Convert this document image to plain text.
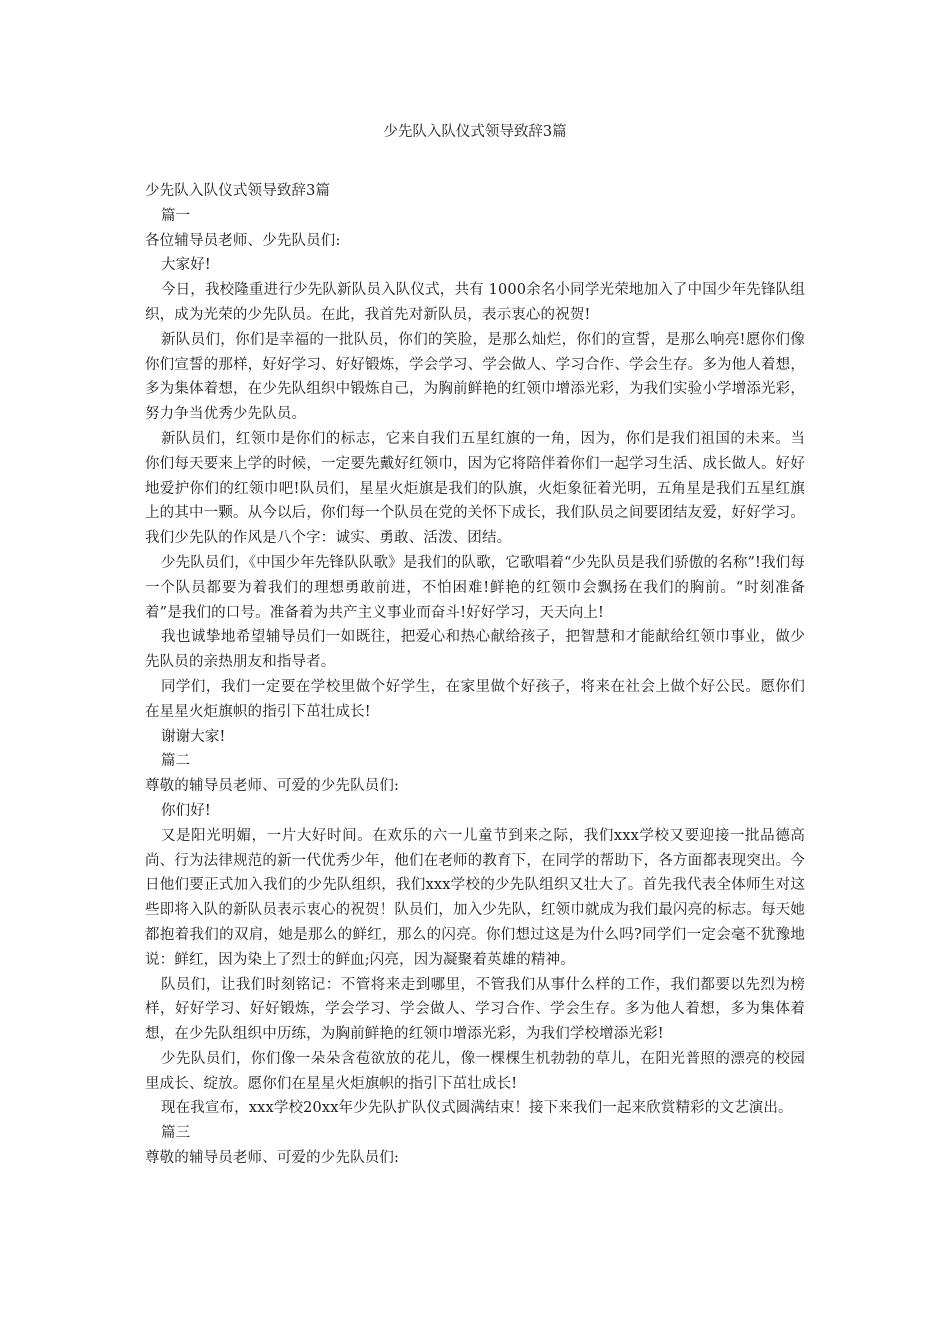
少先队入队仪式领导致辞3篇

少先队入队仪式领导致辞3篇

篇一

各位辅导员老师、少先队员们:

大家好!

今日，我校隆重进行少先队新队员入队仪式，共有 1000余名小同学光荣地加入了中国少年先锋队组织，成为光荣的少先队员。在此，我首先对新队员，表示衷心的祝贺!

新队员们，你们是幸福的一批队员，你们的笑脸，是那么灿烂，你们的宣誓，是那么响亮!愿你们像你们宣誓的那样，好好学习、好好锻炼，学会学习、学会做人、学习合作、学会生存。多为他人着想，多为集体着想，在少先队组织中锻炼自己，为胸前鲜艳的红领巾增添光彩，为我们实验小学增添光彩，努力争当优秀少先队员。

新队员们，红领巾是你们的标志，它来自我们五星红旗的一角，因为，你们是我们祖国的未来。当你们每天要来上学的时候，一定要先戴好红领巾，因为它将陪伴着你们一起学习生活、成长做人。好好地爱护你们的红领巾吧!队员们，星星火炬旗是我们的队旗，火炬象征着光明，五角星是我们五星红旗上的其中一颗。从今以后，你们每一个队员在党的关怀下成长，我们队员之间要团结友爱，好好学习。我们少先队的作风是八个字：诚实、勇敢、活泼、团结。

少先队员们，《中国少年先锋队队歌》是我们的队歌，它歌唱着“少先队员是我们骄傲的名称”!我们每一个队员都要为着我们的理想勇敢前进，不怕困难!鲜艳的红领巾会飘扬在我们的胸前。“时刻准备着”是我们的口号。准备着为共产主义事业而奋斗!好好学习，天天向上!

我也诚挚地希望辅导员们一如既往，把爱心和热心献给孩子，把智慧和才能献给红领巾事业，做少先队员的亲热朋友和指导者。

同学们，我们一定要在学校里做个好学生，在家里做个好孩子，将来在社会上做个好公民。愿你们在星星火炬旗帜的指引下茁壮成长!

谢谢大家!

篇二

尊敬的辅导员老师、可爱的少先队员们:

你们好!

又是阳光明媚，一片大好时间。在欢乐的六一儿童节到来之际，我们xxx学校又要迎接一批品德高尚、行为法律规范的新一代优秀少年，他们在老师的教育下，在同学的帮助下，各方面都表现突出。今日他们要正式加入我们的少先队组织，我们xxx学校的少先队组织又壮大了。首先我代表全体师生对这些即将入队的新队员表示衷心的祝贺！队员们，加入少先队，红领巾就成为我们最闪亮的标志。每天她都抱着我们的双肩，她是那么的鲜红，那么的闪亮。你们想过这是为什么吗?同学们一定会毫不犹豫地说：鲜红，因为染上了烈士的鲜血;闪亮，因为凝聚着英雄的精神。

队员们，让我们时刻铭记：不管将来走到哪里，不管我们从事什么样的工作，我们都要以先烈为榜样，好好学习、好好锻炼，学会学习、学会做人、学习合作、学会生存。多为他人着想，多为集体着想，在少先队组织中历练，为胸前鲜艳的红领巾增添光彩，为我们学校增添光彩!

少先队员们，你们像一朵朵含苞欲放的花儿，像一棵棵生机勃勃的草儿，在阳光普照的漂亮的校园里成长、绽放。愿你们在星星火炬旗帜的指引下茁壮成长!

现在我宣布，xxx学校20xx年少先队扩队仪式圆满结束！接下来我们一起来欣赏精彩的文艺演出。

篇三

尊敬的辅导员老师、可爱的少先队员们:
